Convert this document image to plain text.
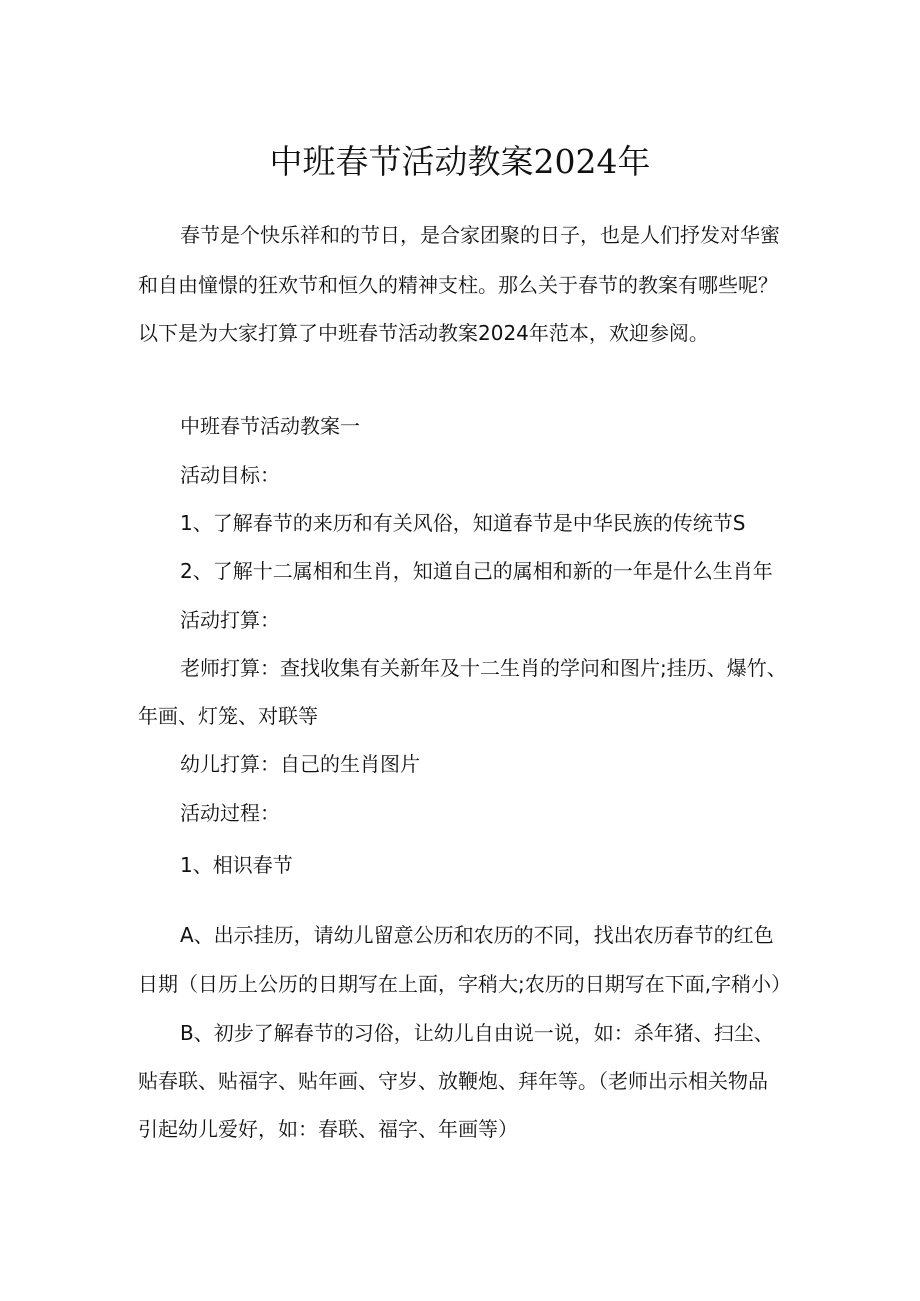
中班春节活动教案2024年

春节是个快乐祥和的节日，是合家团聚的日子，也是人们抒发对华蜜

和自由憧憬的狂欢节和恒久的精神支柱。那么关于春节的教案有哪些呢？

以下是为大家打算了中班春节活动教案2024年范本，欢迎参阅。

中班春节活动教案一

活动目标：

1、了解春节的来历和有关风俗，知道春节是中华民族的传统节S

2、了解十二属相和生肖，知道自己的属相和新的一年是什么生肖年

活动打算：

老师打算：查找收集有关新年及十二生肖的学问和图片;挂历、爆竹、

年画、灯笼、对联等

幼儿打算：自己的生肖图片

活动过程：

1、相识春节

A、出示挂历，请幼儿留意公历和农历的不同，找出农历春节的红色

日期（日历上公历的日期写在上面，字稍大;农历的日期写在下面,字稍小）

B、初步了解春节的习俗，让幼儿自由说一说，如：杀年猪、扫尘、

贴春联、贴福字、贴年画、守岁、放鞭炮、拜年等。（老师出示相关物品

引起幼儿爱好，如：春联、福字、年画等）
